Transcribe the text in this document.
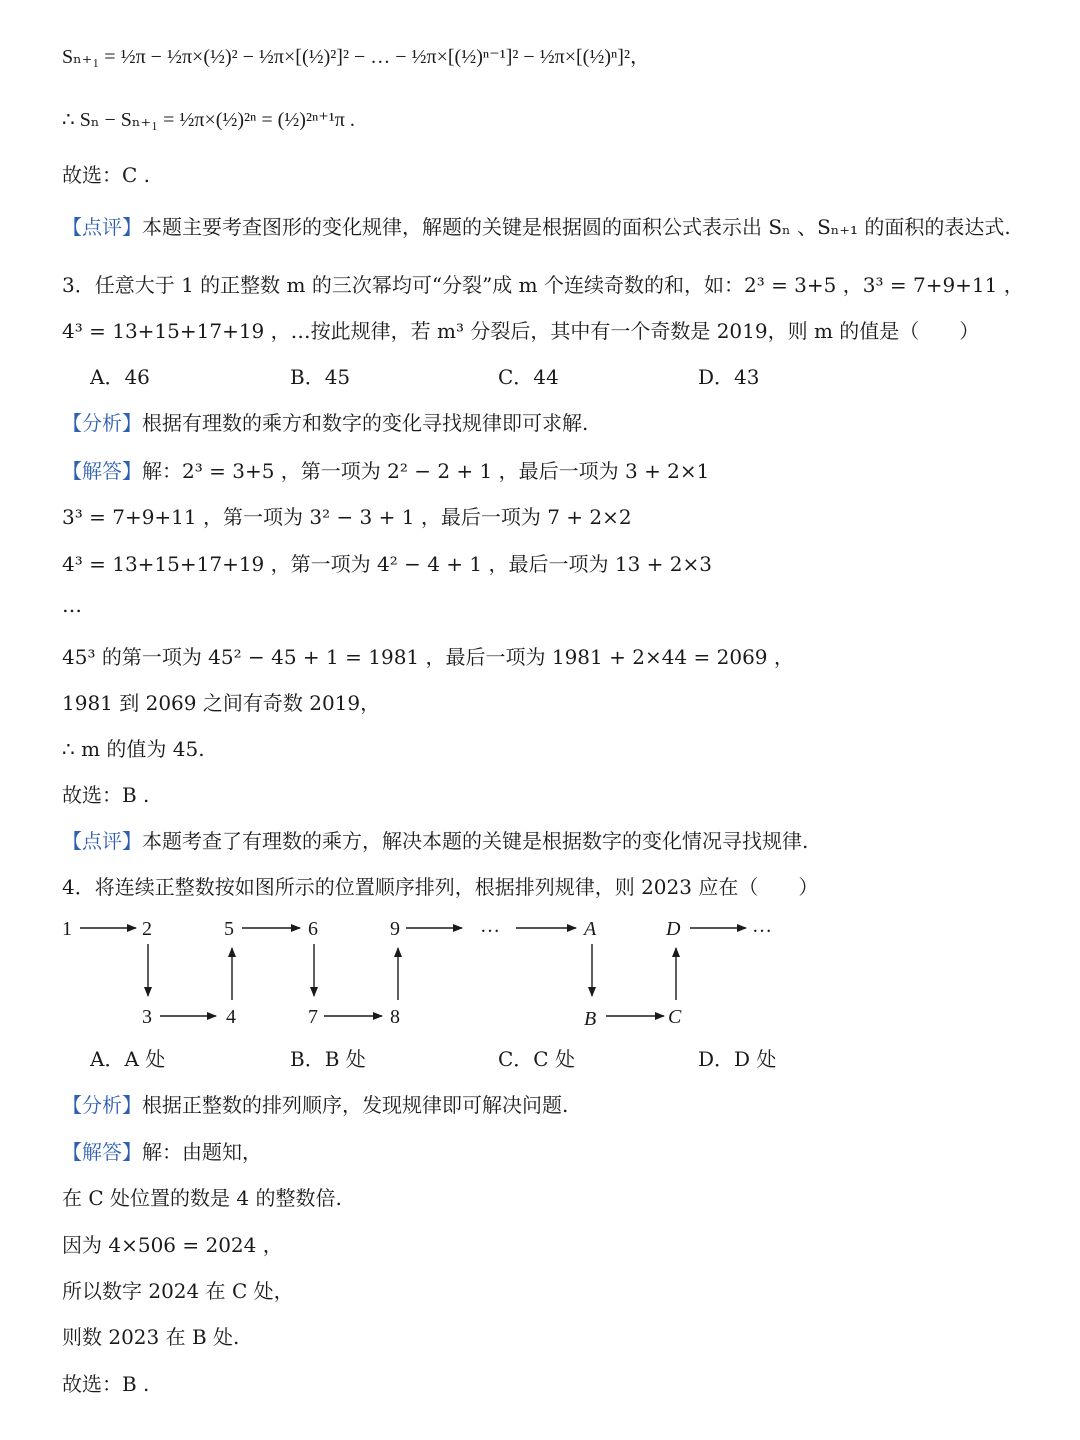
Sₙ₊₁ = ½π − ½π×(½)² − ½π×[(½)²]² − … − ½π×[(½)ⁿ⁻¹]² − ½π×[(½)ⁿ]²，
∴ Sₙ − Sₙ₊₁ = ½π×(½)²ⁿ = (½)²ⁿ⁺¹π .
故选：C .
【点评】本题主要考查图形的变化规律，解题的关键是根据圆的面积公式表示出 Sₙ 、Sₙ₊₁ 的面积的表达式.
3．任意大于 1 的正整数 m 的三次幂均可“分裂”成 m 个连续奇数的和，如：2³ = 3+5 ，3³ = 7+9+11 ，
4³ = 13+15+17+19 ，…按此规律，若 m³ 分裂后，其中有一个奇数是 2019，则 m 的值是（　　）
A．46	B．45	C．44	D．43
【分析】根据有理数的乘方和数字的变化寻找规律即可求解.
【解答】解：2³ = 3+5 ，第一项为 2² − 2 + 1 ，最后一项为 3 + 2×1
3³ = 7+9+11 ，第一项为 3² − 3 + 1 ，最后一项为 7 + 2×2
4³ = 13+15+17+19 ，第一项为 4² − 4 + 1 ，最后一项为 13 + 2×3
…
45³ 的第一项为 45² − 45 + 1 = 1981 ，最后一项为 1981 + 2×44 = 2069 ，
1981 到 2069 之间有奇数 2019，
∴ m 的值为 45.
故选：B .
【点评】本题考查了有理数的乘方，解决本题的关键是根据数字的变化情况寻找规律.
4．将连续正整数按如图所示的位置顺序排列，根据排列规律，则 2023 应在（　　）
1	2	5	6	9	…	A	D	…
3	4	7	8	B	C
A．A 处	B．B 处	C．C 处	D．D 处
【分析】根据正整数的排列顺序，发现规律即可解决问题.
【解答】解：由题知，
在 C 处位置的数是 4 的整数倍.
因为 4×506 = 2024 ，
所以数字 2024 在 C 处，
则数 2023 在 B 处.
故选：B .
